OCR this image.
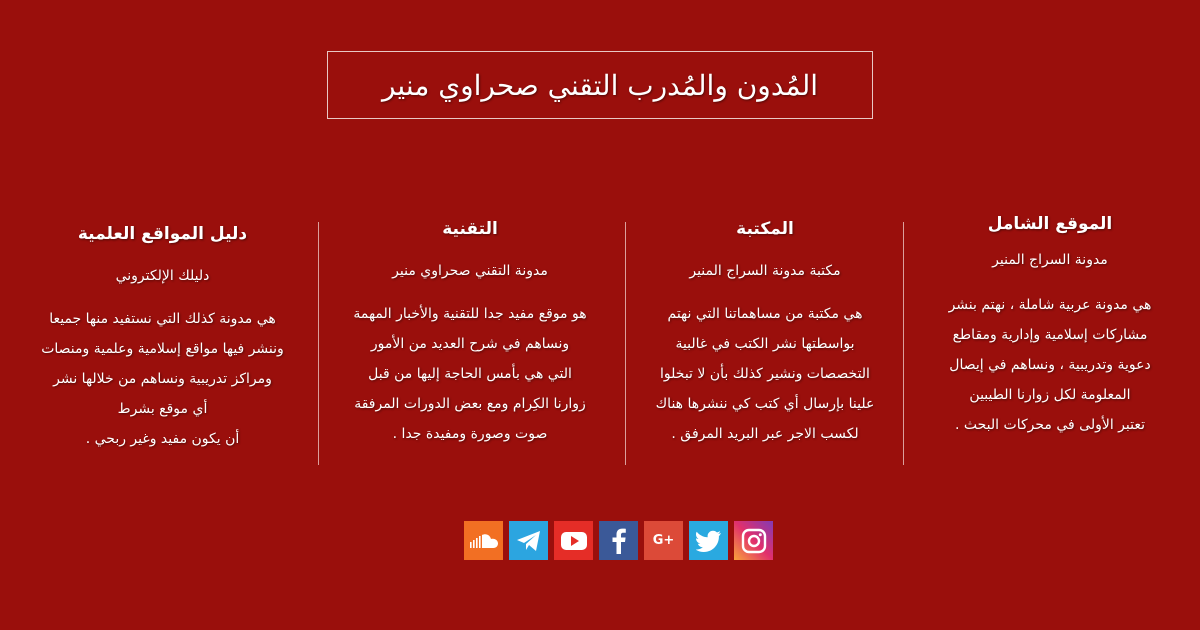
المُدون والمُدرب التقني صحراوي منير
الموقع الشامل
مدونة السراج المنير
هي مدونة عربية شاملة ، نهتم بنشر
مشاركات إسلامية وإدارية ومقاطع
دعوية وتدريبية ، ونساهم في إيصال
المعلومة لكل زوارنا الطيبين
تعتبر الأولى في محركات البحث .
المكتبة
مكتبة مدونة السراج المنير
هي مكتبة من مساهماتنا التي نهتم
بواسطتها نشر الكتب في غالبية
التخصصات ونشير كذلك بأن لا تبخلوا
علينا بإرسال أي كتب كي ننشرها هناك
لكسب الاجر عبر البريد المرفق .
التقنية
مدونة التقني صحراوي منير
هو موقع مفيد جدا للتقنية والأخبار المهمة
ونساهم في شرح العديد من الأمور
التي هي بأمس الحاجة إليها من قبل
زوارنا الكِرام ومع بعض الدورات المرفقة
صوت وصورة ومفيدة جدا .
دليل المواقع العلمية
دليلك الإلكتروني
هي مدونة كذلك التي نستفيد منها جميعا
وننشر فيها مواقع إسلامية وعلمية ومنصات
ومراكز تدريبية ونساهم من خلالها نشر
أي موقع بشرط
أن يكون مفيد وغير ربحي .
G+
